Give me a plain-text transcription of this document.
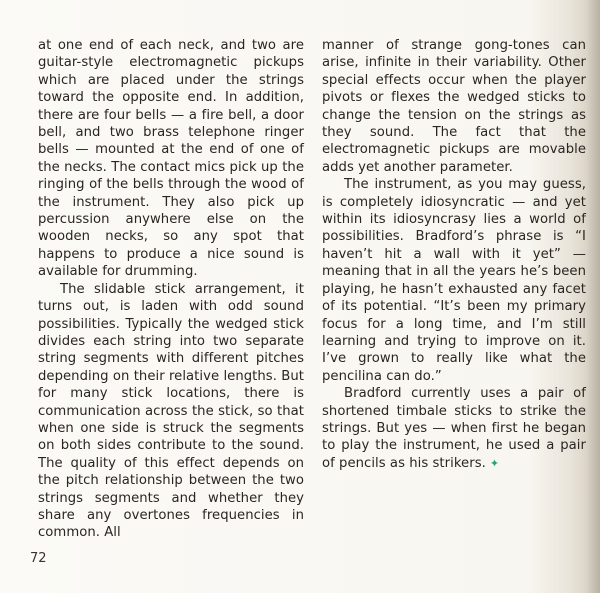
at one end of each neck, and two are guitar-style electromagnetic pickups which are placed under the strings toward the opposite end. In addition, there are four bells — a fire bell, a door bell, and two brass telephone ringer bells — mounted at the end of one of the necks. The contact mics pick up the ringing of the bells through the wood of the instrument. They also pick up percussion anywhere else on the wooden necks, so any spot that happens to produce a nice sound is available for drumming.

The slidable stick arrangement, it turns out, is laden with odd sound possibilities. Typically the wedged stick divides each string into two separate string segments with different pitches depending on their relative lengths. But for many stick locations, there is communication across the stick, so that when one side is struck the segments on both sides contribute to the sound. The quality of this effect depends on the pitch relationship between the two strings segments and whether they share any overtones frequencies in common. All

manner of strange gong-tones can arise, infinite in their variability. Other special effects occur when the player pivots or flexes the wedged sticks to change the tension on the strings as they sound. The fact that the electromagnetic pickups are movable adds yet another parameter.

The instrument, as you may guess, is completely idiosyncratic — and yet within its idiosyncrasy lies a world of possibilities. Bradford’s phrase is “I haven’t hit a wall with it yet” — meaning that in all the years he’s been playing, he hasn’t exhausted any facet of its potential. “It’s been my primary focus for a long time, and I’m still learning and trying to improve on it. I’ve grown to really like what the pencilina can do.”

Bradford currently uses a pair of shortened timbale sticks to strike the strings. But yes — when first he began to play the instrument, he used a pair of pencils as his strikers. ✦

72
